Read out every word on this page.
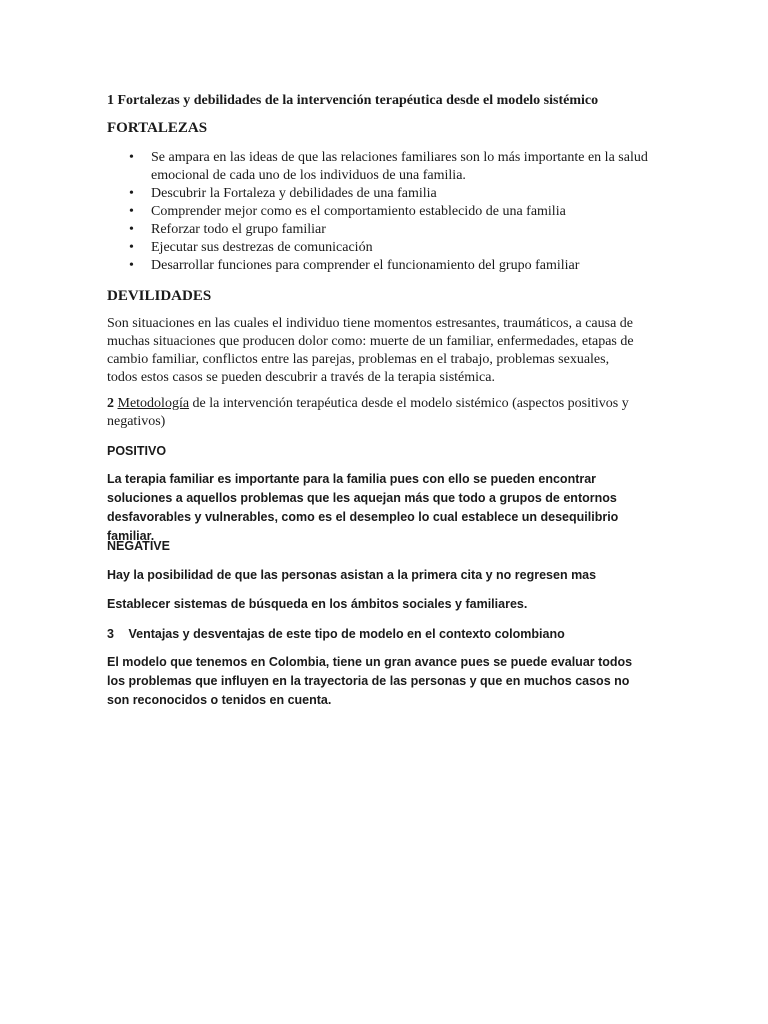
1 Fortalezas y debilidades de la intervención terapéutica desde el modelo sistémico
FORTALEZAS
• Se ampara en las ideas de que las relaciones familiares son lo más importante en la salud emocional de cada uno de los individuos de una familia.
• Descubrir la Fortaleza y debilidades de una familia
• Comprender mejor como es el comportamiento establecido de una familia
• Reforzar todo el grupo familiar
• Ejecutar sus destrezas de comunicación
• Desarrollar funciones para comprender el funcionamiento del grupo familiar
DEVILIDADES
Son situaciones en las cuales el individuo tiene momentos estresantes, traumáticos, a causa de muchas situaciones que producen dolor como: muerte de un familiar, enfermedades, etapas de cambio familiar, conflictos entre las parejas, problemas en el trabajo, problemas sexuales, todos estos casos se pueden descubrir a través de la terapia sistémica.
2 Metodología de la intervención terapéutica desde el modelo sistémico (aspectos positivos y negativos)
POSITIVO
La terapia familiar es importante para la familia pues con ello se pueden encontrar soluciones a aquellos problemas que les aquejan más que todo a grupos de entornos desfavorables y vulnerables, como es el desempleo lo cual establece un desequilibrio familiar.
NEGATIVE
Hay la posibilidad de que las personas asistan a la primera cita y no regresen mas
Establecer sistemas de búsqueda en los ámbitos sociales y familiares.
3 Ventajas y desventajas de este tipo de modelo en el contexto colombiano
El modelo que tenemos en Colombia, tiene un gran avance pues se puede evaluar todos los problemas que influyen en la trayectoria de las personas y que en muchos casos no son reconocidos o tenidos en cuenta.
